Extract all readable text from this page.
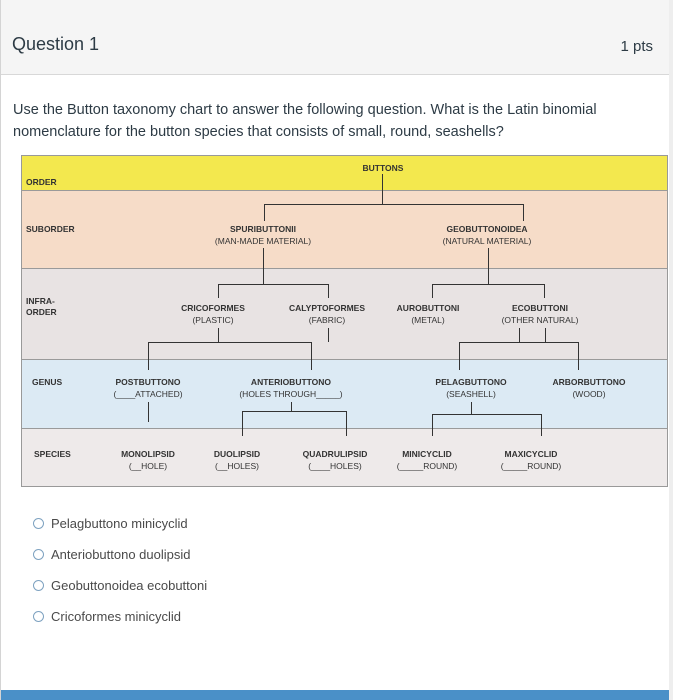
Question 1	1 pts
Use the Button taxonomy chart to answer the following question. What is the Latin binomial nomenclature for the button species that consists of small, round, seashells?
ORDER
SUBORDER
INFRA-
ORDER
GENUS
SPECIES
BUTTONS
SPURIBUTTONII
(MAN-MADE MATERIAL)
GEOBUTTONOIDEA
(NATURAL MATERIAL)
CRICOFORMES
(PLASTIC)
CALYPTOFORMES
(FABRIC)
AUROBUTTONI
(METAL)
ECOBUTTONI
(OTHER NATURAL)
POSTBUTTONO
(____ATTACHED)
ANTERIOBUTTONO
(HOLES THROUGH_____)
PELAGBUTTONO
(SEASHELL)
ARBORBUTTONO
(WOOD)
MONOLIPSID
(__HOLE)
DUOLIPSID
(__HOLES)
QUADRULIPSID
(____HOLES)
MINICYCLID
(_____ROUND)
MAXICYCLID
(_____ROUND)
Pelagbuttono minicyclid
Anteriobuttono duolipsid
Geobuttonoidea ecobuttoni
Cricoformes minicyclid
